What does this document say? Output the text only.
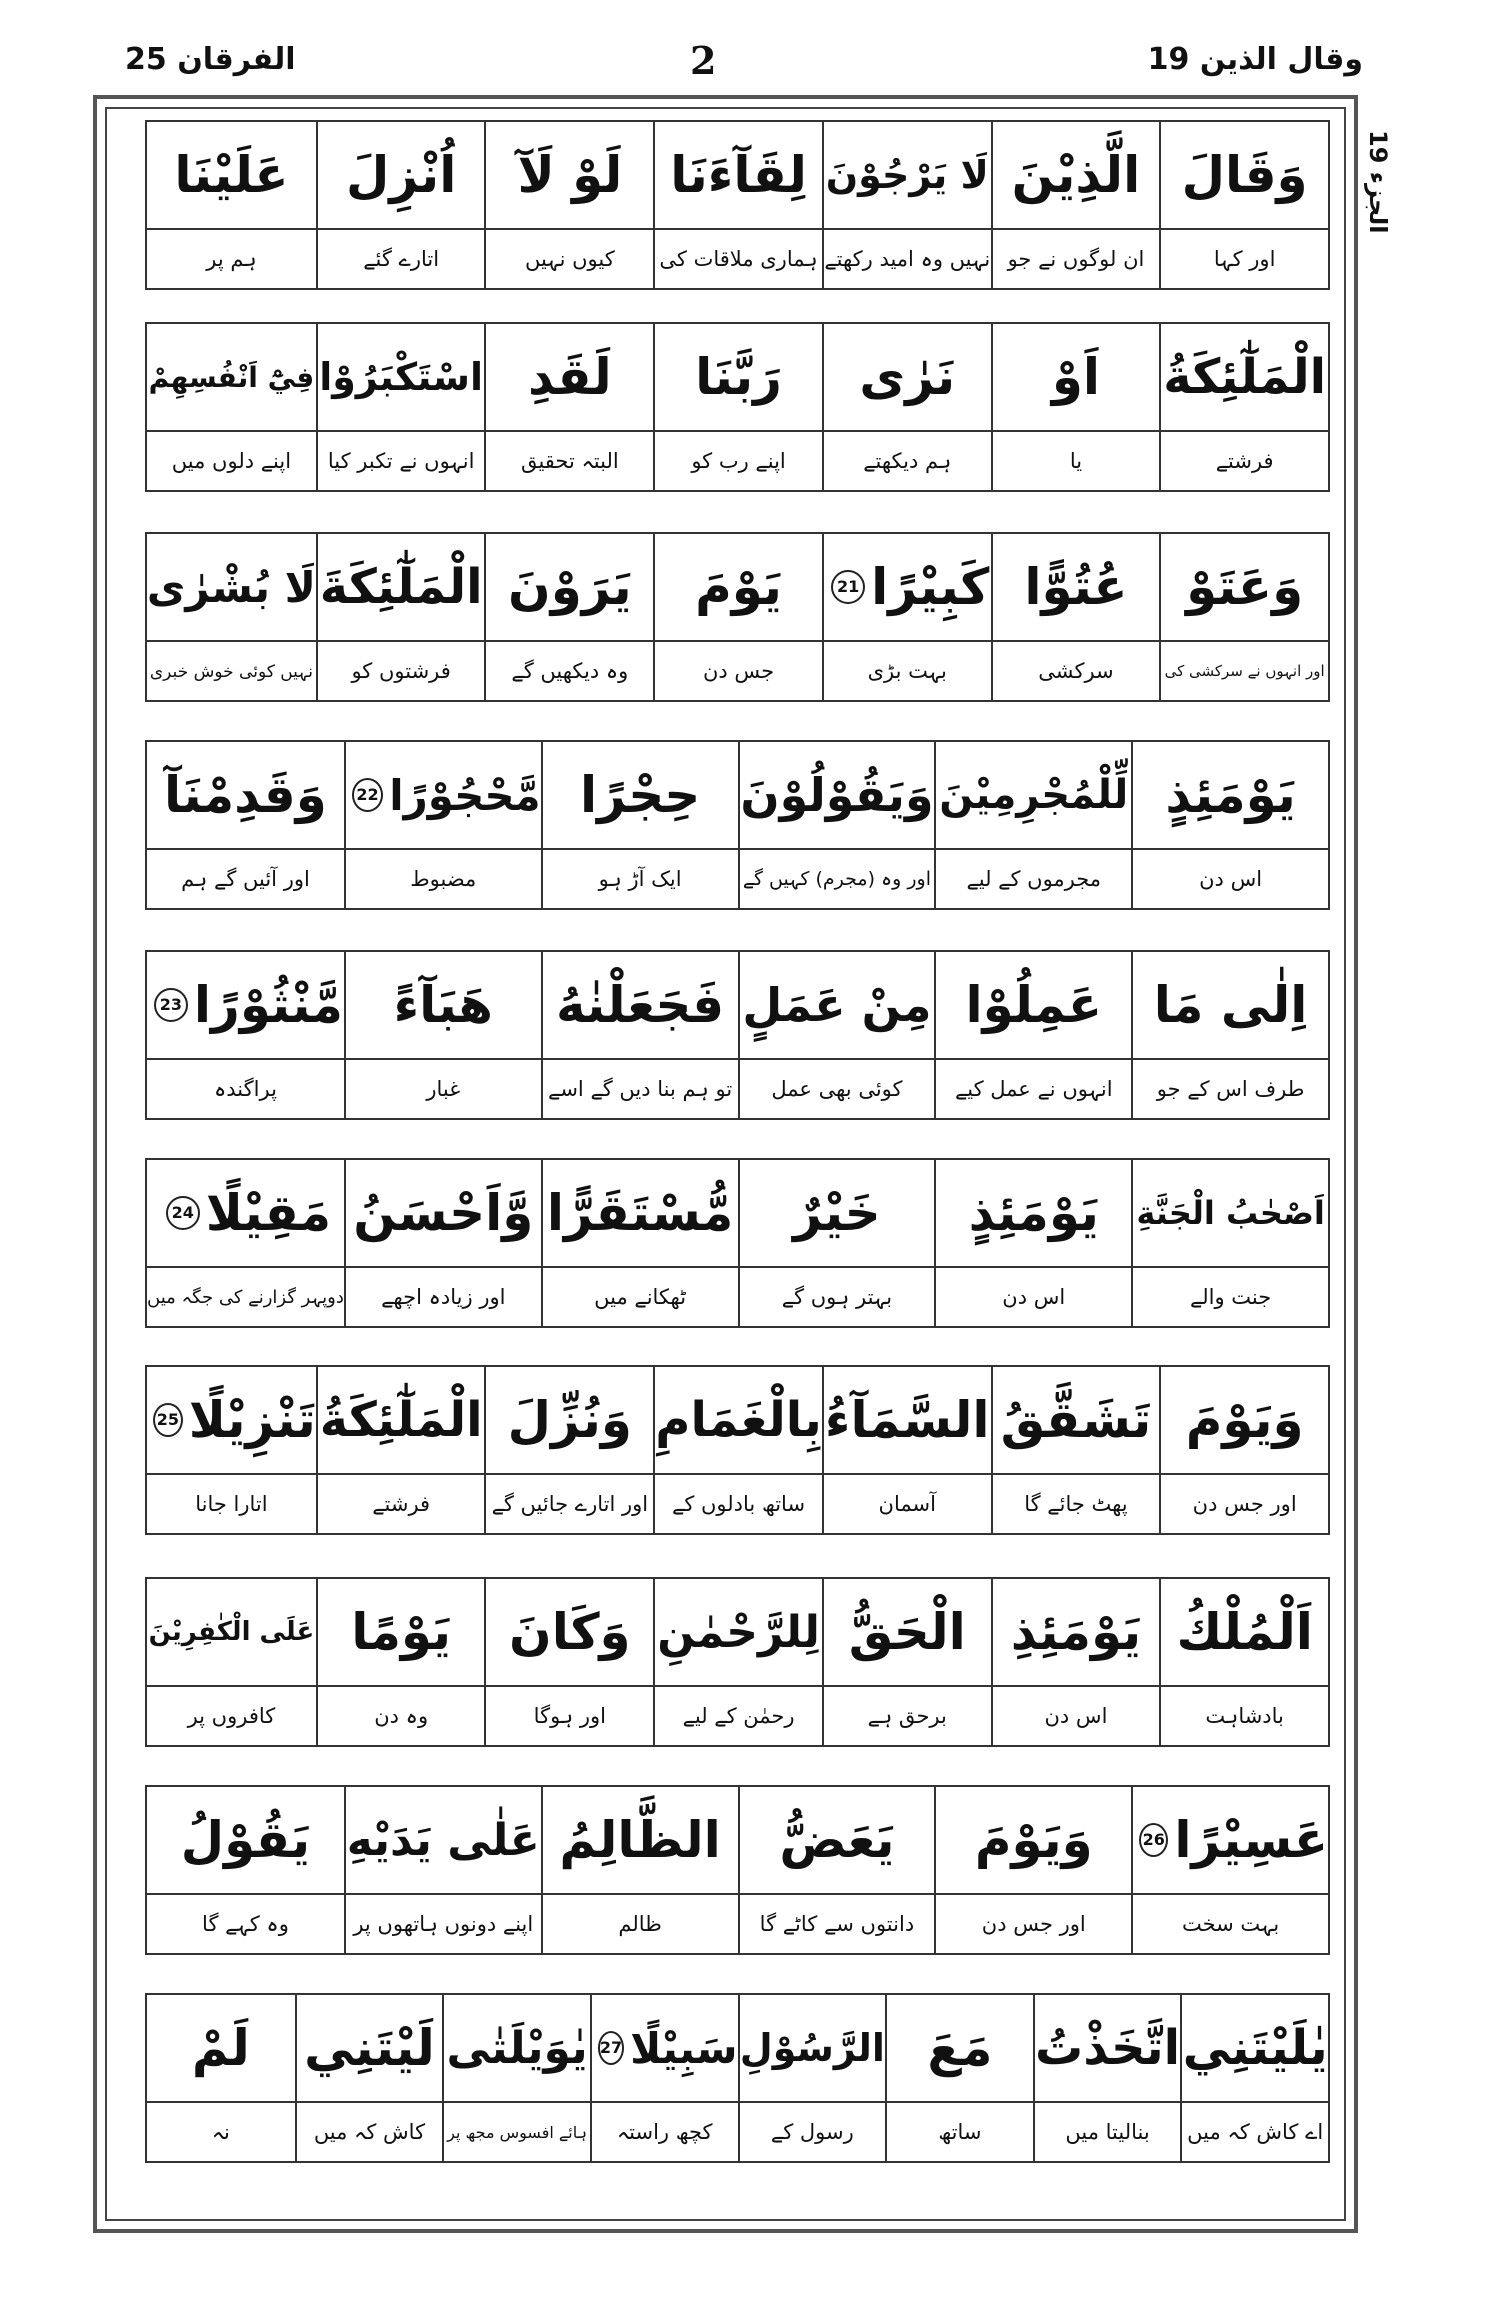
الفرقان 25	2	وقال الذین 19
الجزء 19
وَقَالَ
اور کہا
الَّذِيْنَ
ان لوگوں نے جو
لَا يَرْجُوْنَ
نہیں وہ امید رکھتے
لِقَآءَنَا
ہماری ملاقات کی
لَوْ لَآ
کیوں نہیں
اُنْزِلَ
اتارے گئے
عَلَيْنَا
ہم پر
الْمَلٰٓئِكَةُ
فرشتے
اَوْ
یا
نَرٰى
ہم دیکھتے
رَبَّنَا
اپنے رب کو
لَقَدِ
البتہ تحقیق
اسْتَكْبَرُوْا
انہوں نے تکبر کیا
فِيْٓ اَنْفُسِهِمْ
اپنے دلوں میں
وَعَتَوْ
اور انہوں نے سرکشی کی
عُتُوًّا
سرکشی
كَبِيْرًا
21
بہت بڑی
يَوْمَ
جس دن
يَرَوْنَ
وہ دیکھیں گے
الْمَلٰٓئِكَةَ
فرشتوں کو
لَا بُشْرٰى
نہیں کوئی خوش خبری
يَوْمَئِذٍ
اس دن
لِّلْمُجْرِمِيْنَ
مجرموں کے لیے
وَيَقُوْلُوْنَ
اور وہ (مجرم) کہیں گے
حِجْرًا
ایک آڑ ہو
مَّحْجُوْرًا
22
مضبوط
وَقَدِمْنَآ
اور آئیں گے ہم
اِلٰى مَا
طرف اس کے جو
عَمِلُوْا
انہوں نے عمل کیے
مِنْ عَمَلٍ
کوئی بھی عمل
فَجَعَلْنٰهُ
تو ہم بنا دیں گے اسے
هَبَآءً
غبار
مَّنْثُوْرًا
23
پراگندہ
اَصْحٰبُ الْجَنَّةِ
جنت والے
يَوْمَئِذٍ
اس دن
خَيْرٌ
بہتر ہوں گے
مُّسْتَقَرًّا
ٹھکانے میں
وَّاَحْسَنُ
اور زیادہ اچھے
مَقِيْلًا
24
دوپہر گزارنے کی جگہ میں
وَيَوْمَ
اور جس دن
تَشَقَّقُ
پھٹ جائے گا
السَّمَآءُ
آسمان
بِالْغَمَامِ
ساتھ بادلوں کے
وَنُزِّلَ
اور اتارے جائیں گے
الْمَلٰٓئِكَةُ
فرشتے
تَنْزِيْلًا
25
اتارا جانا
اَلْمُلْكُ
بادشاہت
يَوْمَئِذِ
اس دن
الْحَقُّ
برحق ہے
لِلرَّحْمٰنِ
رحمٰن کے لیے
وَكَانَ
اور ہوگا
يَوْمًا
وہ دن
عَلَى الْكٰفِرِيْنَ
کافروں پر
عَسِيْرًا
26
بہت سخت
وَيَوْمَ
اور جس دن
يَعَضُّ
دانتوں سے کاٹے گا
الظَّالِمُ
ظالم
عَلٰى يَدَيْهِ
اپنے دونوں ہاتھوں پر
يَقُوْلُ
وہ کہے گا
يٰلَيْتَنِي
اے کاش کہ میں
اتَّخَذْتُ
بنالیتا میں
مَعَ
ساتھ
الرَّسُوْلِ
رسول کے
سَبِيْلًا
27
کچھ راستہ
يٰوَيْلَتٰى
ہائے افسوس مجھ پر
لَيْتَنِي
کاش کہ میں
لَمْ
نہ
